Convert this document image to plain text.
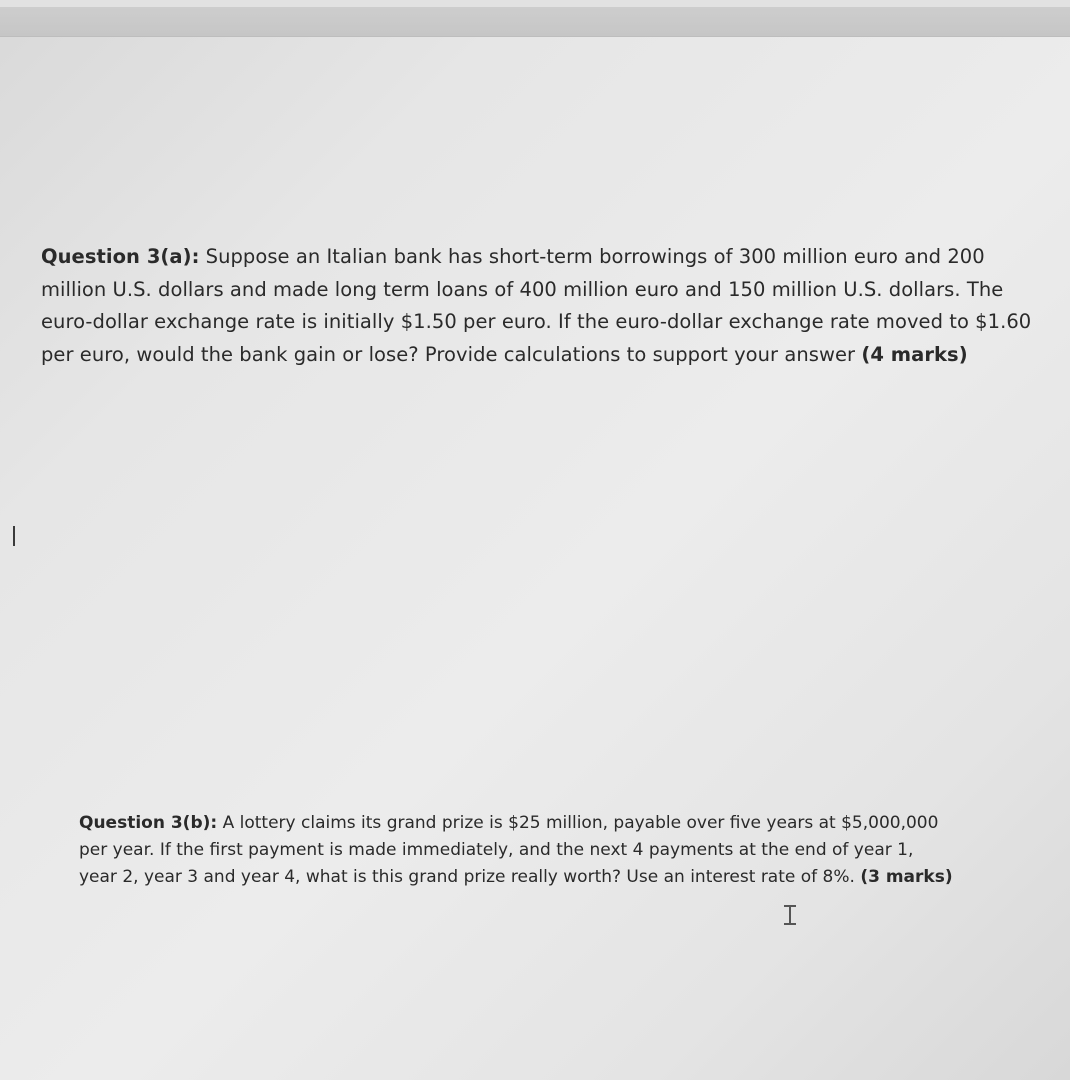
Question 3(a): Suppose an Italian bank has short-term borrowings of 300 million euro and 200
million U.S. dollars and made long term loans of 400 million euro and 150 million U.S. dollars. The
euro-dollar exchange rate is initially $1.50 per euro. If the euro-dollar exchange rate moved to $1.60
per euro, would the bank gain or lose? Provide calculations to support your answer (4 marks)
Question 3(b): A lottery claims its grand prize is $25 million, payable over five years at $5,000,000
per year. If the first payment is made immediately, and the next 4 payments at the end of year 1,
year 2, year 3 and year 4, what is this grand prize really worth? Use an interest rate of 8%. (3 marks)
